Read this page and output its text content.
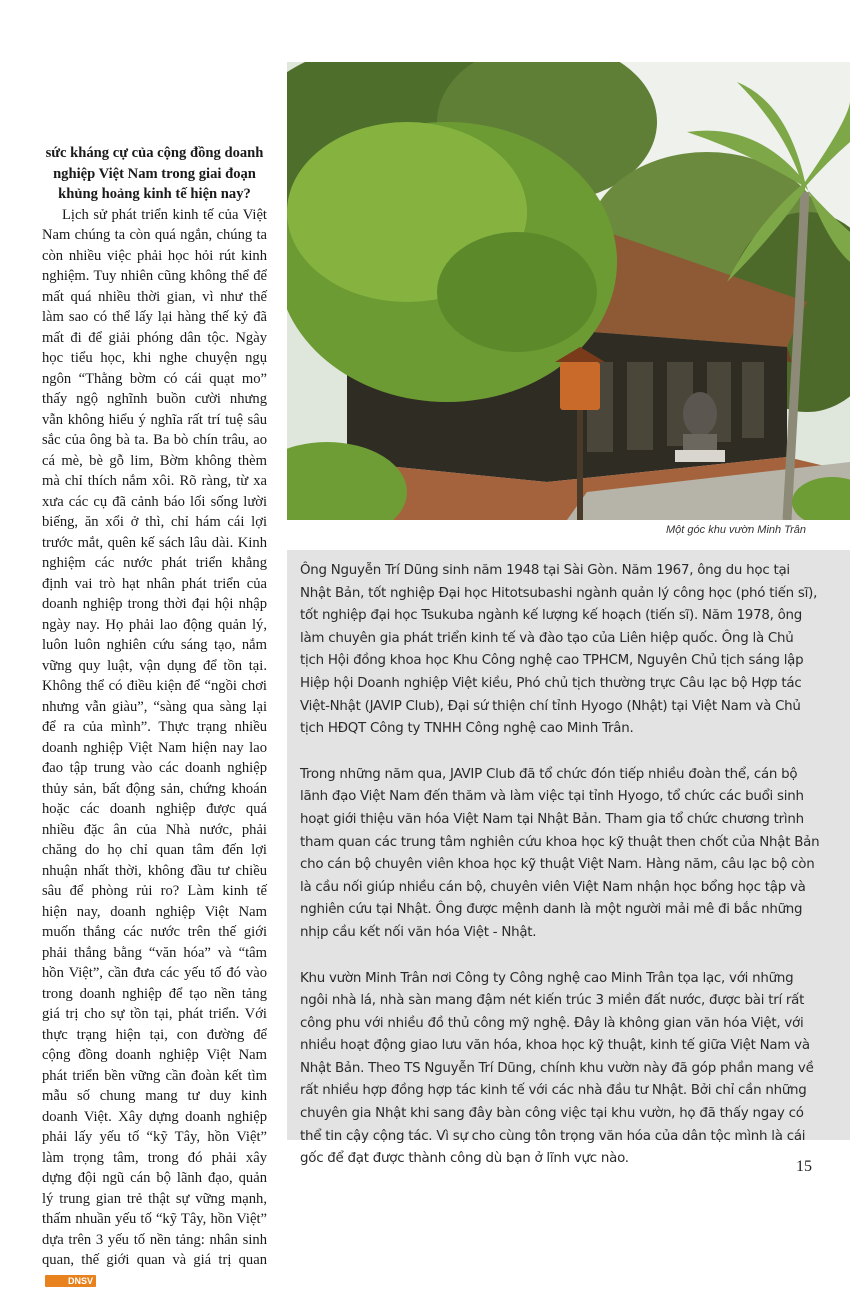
sức kháng cự của cộng đồng doanh nghiệp Việt Nam trong giai đoạn khủng hoảng kinh tế hiện nay?

Lịch sử phát triển kinh tế của Việt Nam chúng ta còn quá ngắn, chúng ta còn nhiều việc phải học hỏi rút kinh nghiệm. Tuy nhiên cũng không thể để mất quá nhiều thời gian, vì như thế làm sao có thể lấy lại hàng thế kỷ đã mất đi để giải phóng dân tộc. Ngày học tiểu học, khi nghe chuyện ngụ ngôn “Thằng bờm có cái quạt mo” thấy ngộ nghĩnh buồn cười nhưng vẫn không hiểu ý nghĩa rất trí tuệ sâu sắc của ông bà ta. Ba bò chín trâu, ao cá mè, bè gỗ lim, Bờm không thèm mà chỉ thích nắm xôi. Rõ ràng, từ xa xưa các cụ đã cảnh báo lối sống lười biếng, ăn xổi ở thì, chỉ hám cái lợi trước mắt, quên kế sách lâu dài. Kinh nghiệm các nước phát triển khẳng định vai trò hạt nhân phát triển của doanh nghiệp trong thời đại hội nhập ngày nay. Họ phải lao động quản lý, luôn luôn nghiên cứu sáng tạo, nắm vững quy luật, vận dụng để tồn tại. Không thể có điều kiện để “ngồi chơi nhưng vẫn giàu”, “sàng qua sàng lại để ra của mình”. Thực trạng nhiều doanh nghiệp Việt Nam hiện nay lao đao tập trung vào các doanh nghiệp thủy sản, bất động sản, chứng khoán hoặc các doanh nghiệp được quá nhiều đặc ân của Nhà nước, phải chăng do họ chỉ quan tâm đến lợi nhuận nhất thời, không đầu tư chiều sâu để phòng rủi ro? Làm kinh tế hiện nay, doanh nghiệp Việt Nam muốn thắng các nước trên thế giới phải thắng bằng “văn hóa” và “tâm hồn Việt”, cần đưa các yếu tố đó vào trong doanh nghiệp để tạo nền tảng giá trị cho sự tồn tại, phát triển. Với thực trạng hiện tại, con đường để cộng đồng doanh nghiệp Việt Nam phát triển bền vững cần đoàn kết tìm mẫu số chung mang tư duy kinh doanh Việt. Xây dựng doanh nghiệp phải lấy yếu tố “kỹ Tây, hồn Việt” làm trọng tâm, trong đó phải xây dựng đội ngũ cán bộ lãnh đạo, quản lý trung gian trẻ thật sự vững mạnh, thấm nhuần yếu tố “kỹ Tây, hồn Việt” dựa trên 3 yếu tố nền tảng: nhân sinh quan, thế giới quan và giá trị quanDNSV

Một góc khu vườn Minh Trân

Ông Nguyễn Trí Dũng sinh năm 1948 tại Sài Gòn. Năm 1967, ông du học tại Nhật Bản, tốt nghiệp Đại học Hitotsubashi ngành quản lý công học (phó tiến sĩ), tốt nghiệp đại học Tsukuba ngành kế lượng kế hoạch (tiến sĩ). Năm 1978, ông làm chuyên gia phát triển kinh tế và đào tạo của Liên hiệp quốc. Ông là Chủ tịch Hội đồng khoa học Khu Công nghệ cao TPHCM, Nguyên Chủ tịch sáng lập Hiệp hội Doanh nghiệp Việt kiều, Phó chủ tịch thường trực Câu lạc bộ Hợp tác Việt-Nhật (JAVIP Club), Đại sứ thiện chí tỉnh Hyogo (Nhật) tại Việt Nam và Chủ tịch HĐQT Công ty TNHH Công nghệ cao Minh Trân.

Trong những năm qua, JAVIP Club đã tổ chức đón tiếp nhiều đoàn thể, cán bộ lãnh đạo Việt Nam đến thăm và làm việc tại tỉnh Hyogo, tổ chức các buổi sinh hoạt giới thiệu văn hóa Việt Nam tại Nhật Bản. Tham gia tổ chức chương trình tham quan các trung tâm nghiên cứu khoa học kỹ thuật then chốt của Nhật Bản cho cán bộ chuyên viên khoa học kỹ thuật Việt Nam. Hàng năm, câu lạc bộ còn là cầu nối giúp nhiều cán bộ, chuyên viên Việt Nam nhận học bổng học tập và nghiên cứu tại Nhật. Ông được mệnh danh là một người mải mê đi bắc những nhịp cầu kết nối văn hóa Việt - Nhật.

Khu vườn Minh Trân nơi Công ty Công nghệ cao Minh Trân tọa lạc, với những ngôi nhà lá, nhà sàn mang đậm nét kiến trúc 3 miền đất nước, được bài trí rất công phu với nhiều đồ thủ công mỹ nghệ. Đây là không gian văn hóa Việt, với nhiều hoạt động giao lưu văn hóa, khoa học kỹ thuật, kinh tế giữa Việt Nam và Nhật Bản. Theo TS Nguyễn Trí Dũng, chính khu vườn này đã góp phần mang về rất nhiều hợp đồng hợp tác kinh tế với các nhà đầu tư Nhật. Bởi chỉ cần những chuyên gia Nhật khi sang đây bàn công việc tại khu vườn, họ đã thấy ngay có thể tin cậy cộng tác. Vì sự cho cùng tôn trọng văn hóa của dân tộc mình là cái gốc để đạt được thành công dù bạn ở lĩnh vực nào.	15
